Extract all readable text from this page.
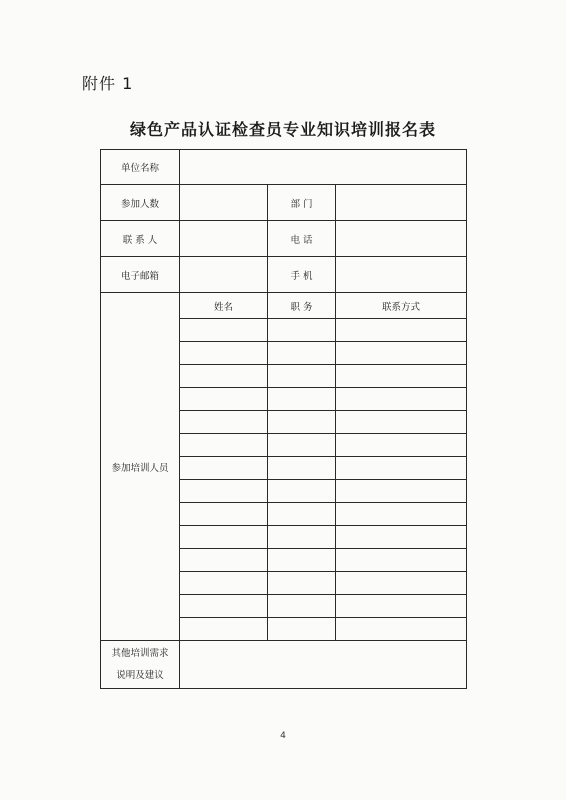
附件 1
绿色产品认证检查员专业知识培训报名表
单位名称			
参加人数		部 门	
联 系 人		电 话	
电子邮箱		手 机	
参加培训人员	姓名	职 务	联系方式

其他培训需求
说明及建议			

4
